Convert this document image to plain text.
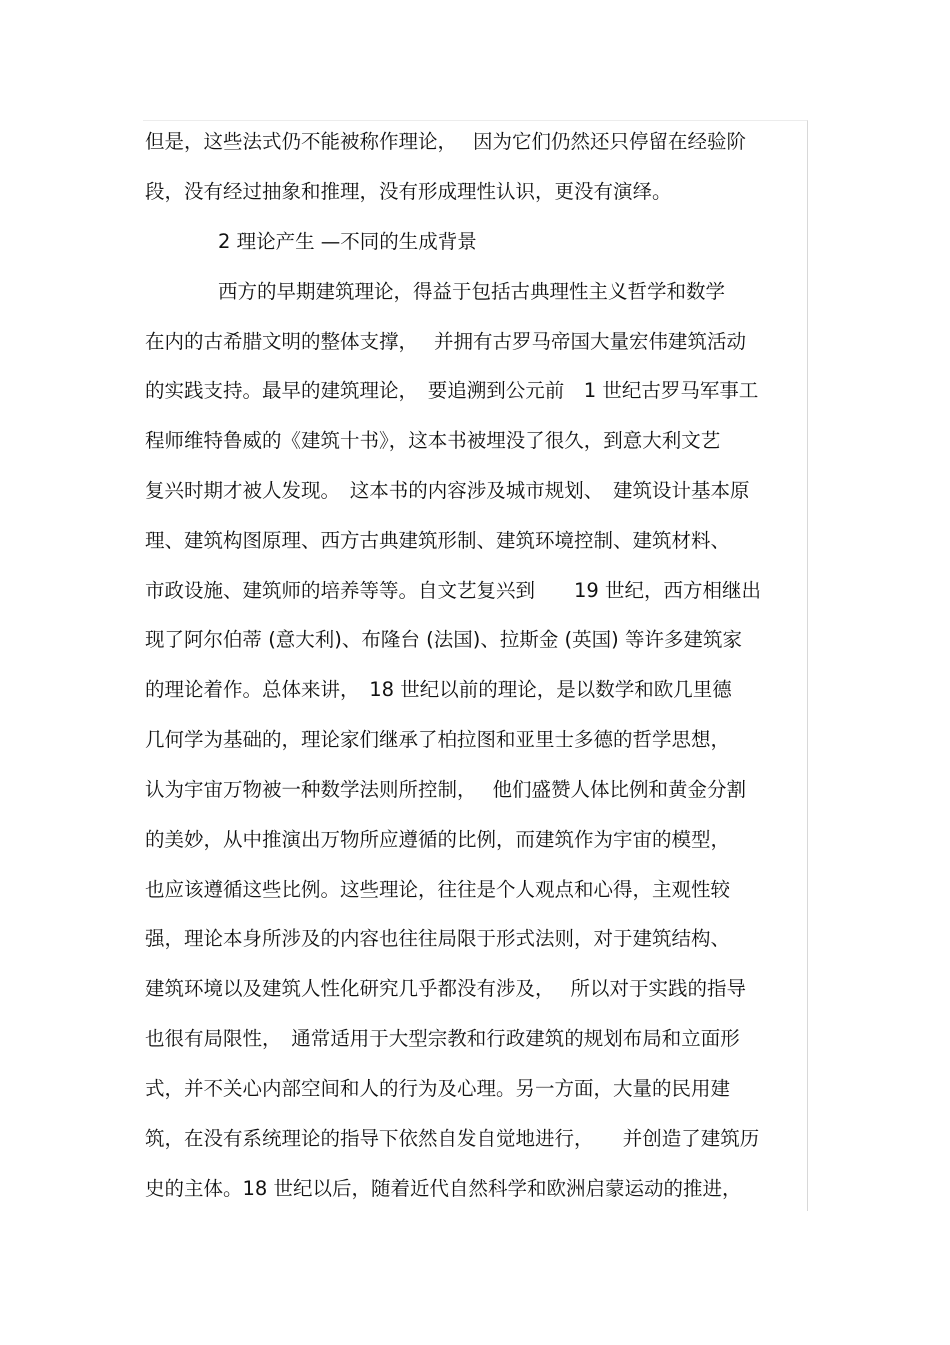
但是，这些法式仍不能被称作理论，　 因为它们仍然还只停留在经验阶
段，没有经过抽象和推理，没有形成理性认识，更没有演绎。
2 理论产生 —不同的生成背景
西方的早期建筑理论，得益于包括古典理性主义哲学和数学
在内的古希腊文明的整体支撑，　 并拥有古罗马帝国大量宏伟建筑活动
的实践支持。最早的建筑理论，　要追溯到公元前　1 世纪古罗马军事工
程师维特鲁威的《建筑十书》，这本书被埋没了很久，到意大利文艺
复兴时期才被人发现。　这本书的内容涉及城市规划、　建筑设计基本原
理、建筑构图原理、西方古典建筑形制、建筑环境控制、建筑材料、
市政设施、建筑师的培养等等。自文艺复兴到　　19 世纪，西方相继出
现了阿尔伯蒂 (意大利)、布隆台 (法国)、拉斯金 (英国) 等许多建筑家
的理论着作。总体来讲，　18 世纪以前的理论，是以数学和欧几里德
几何学为基础的，理论家们继承了柏拉图和亚里士多德的哲学思想，
认为宇宙万物被一种数学法则所控制，　 他们盛赞人体比例和黄金分割
的美妙，从中推演出万物所应遵循的比例，而建筑作为宇宙的模型，
也应该遵循这些比例。这些理论，往往是个人观点和心得，主观性较
强，理论本身所涉及的内容也往往局限于形式法则，对于建筑结构、
建筑环境以及建筑人性化研究几乎都没有涉及，　 所以对于实践的指导
也很有局限性，　通常适用于大型宗教和行政建筑的规划布局和立面形
式，并不关心内部空间和人的行为及心理。另一方面，大量的民用建
筑，在没有系统理论的指导下依然自发自觉地进行，　　并创造了建筑历
史的主体。18 世纪以后，随着近代自然科学和欧洲启蒙运动的推进，
